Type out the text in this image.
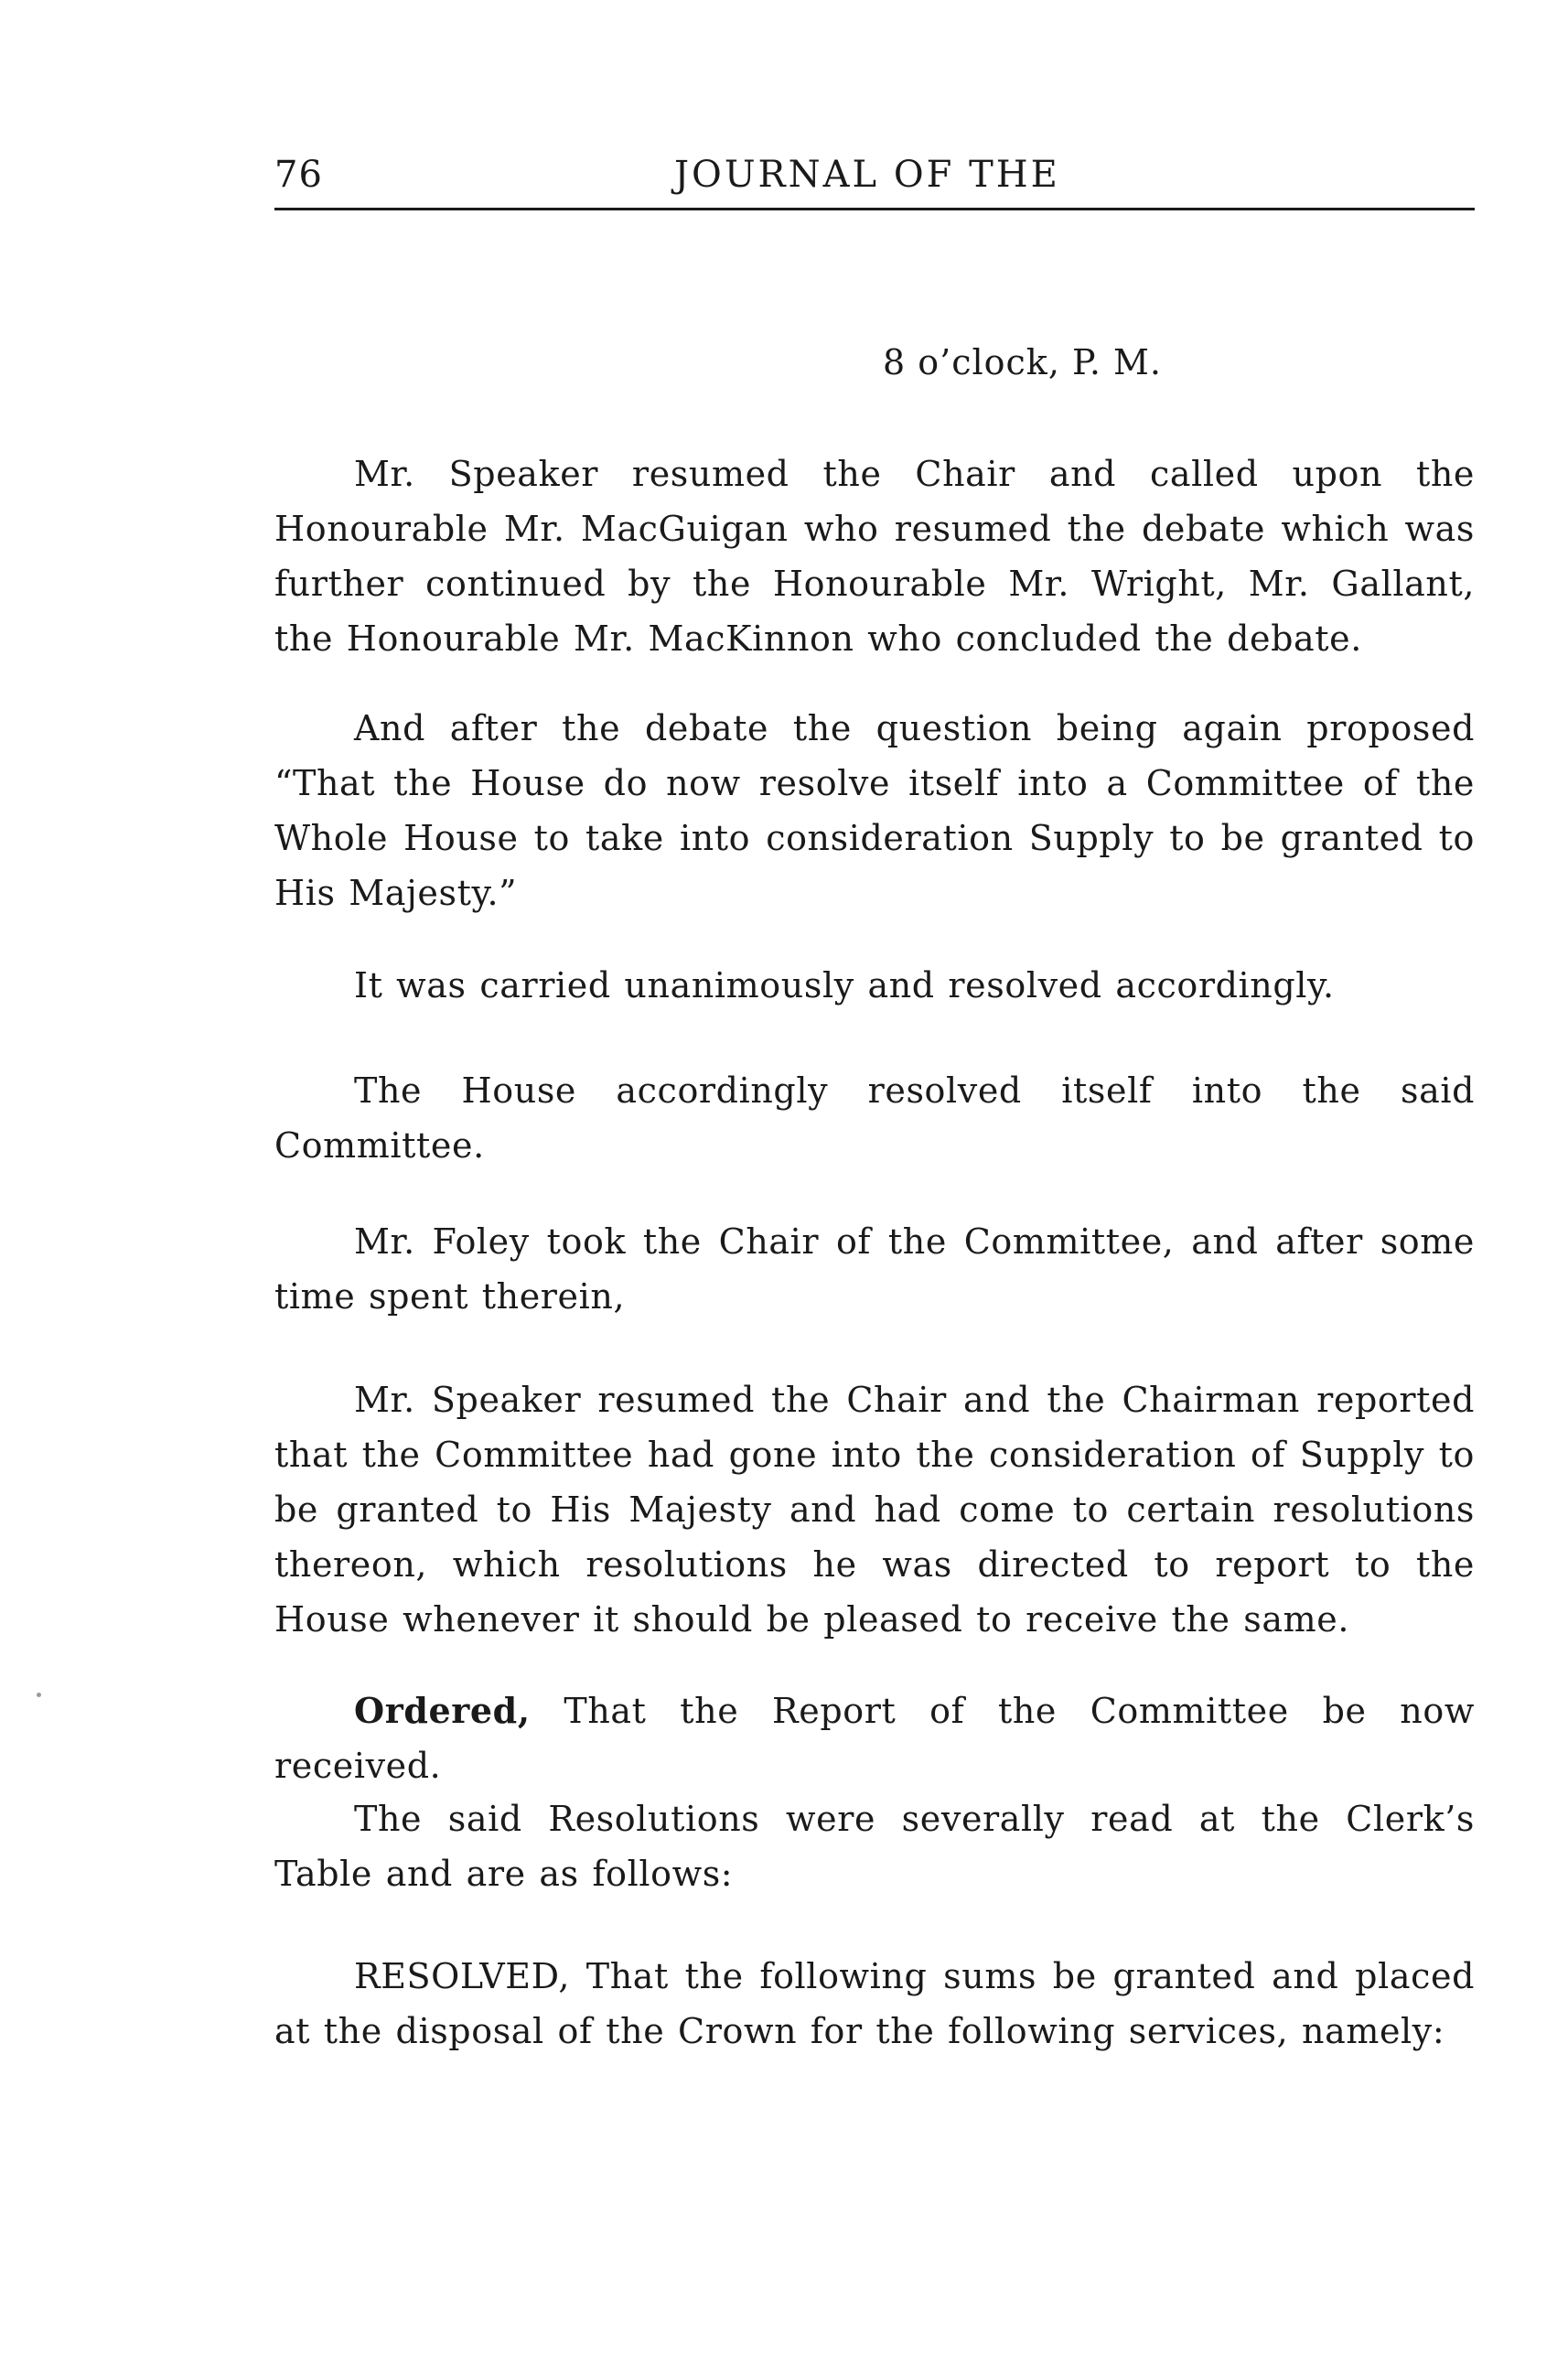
76	JOURNAL OF THE
8 o’clock, P. M.

Mr. Speaker resumed the Chair and called upon the Honourable Mr. MacGuigan who resumed the debate which was further continued by the Honourable Mr. Wright, Mr. Gallant, the Honourable Mr. MacKinnon who concluded the debate.

And after the debate the question being again proposed “That the House do now resolve itself into a Committee of the Whole House to take into consideration Supply to be granted to His Majesty.”

It was carried unanimously and resolved accordingly.

The House accordingly resolved itself into the said Committee.

Mr. Foley took the Chair of the Committee, and after some time spent therein,

Mr. Speaker resumed the Chair and the Chairman reported that the Committee had gone into the consideration of Supply to be granted to His Majesty and had come to certain resolutions thereon, which resolutions he was directed to report to the House whenever it should be pleased to receive the same.

Ordered, That the Report of the Committee be now received.

The said Resolutions were severally read at the Clerk’s Table and are as follows:

RESOLVED, That the following sums be granted and placed at the disposal of the Crown for the following services, namely:
